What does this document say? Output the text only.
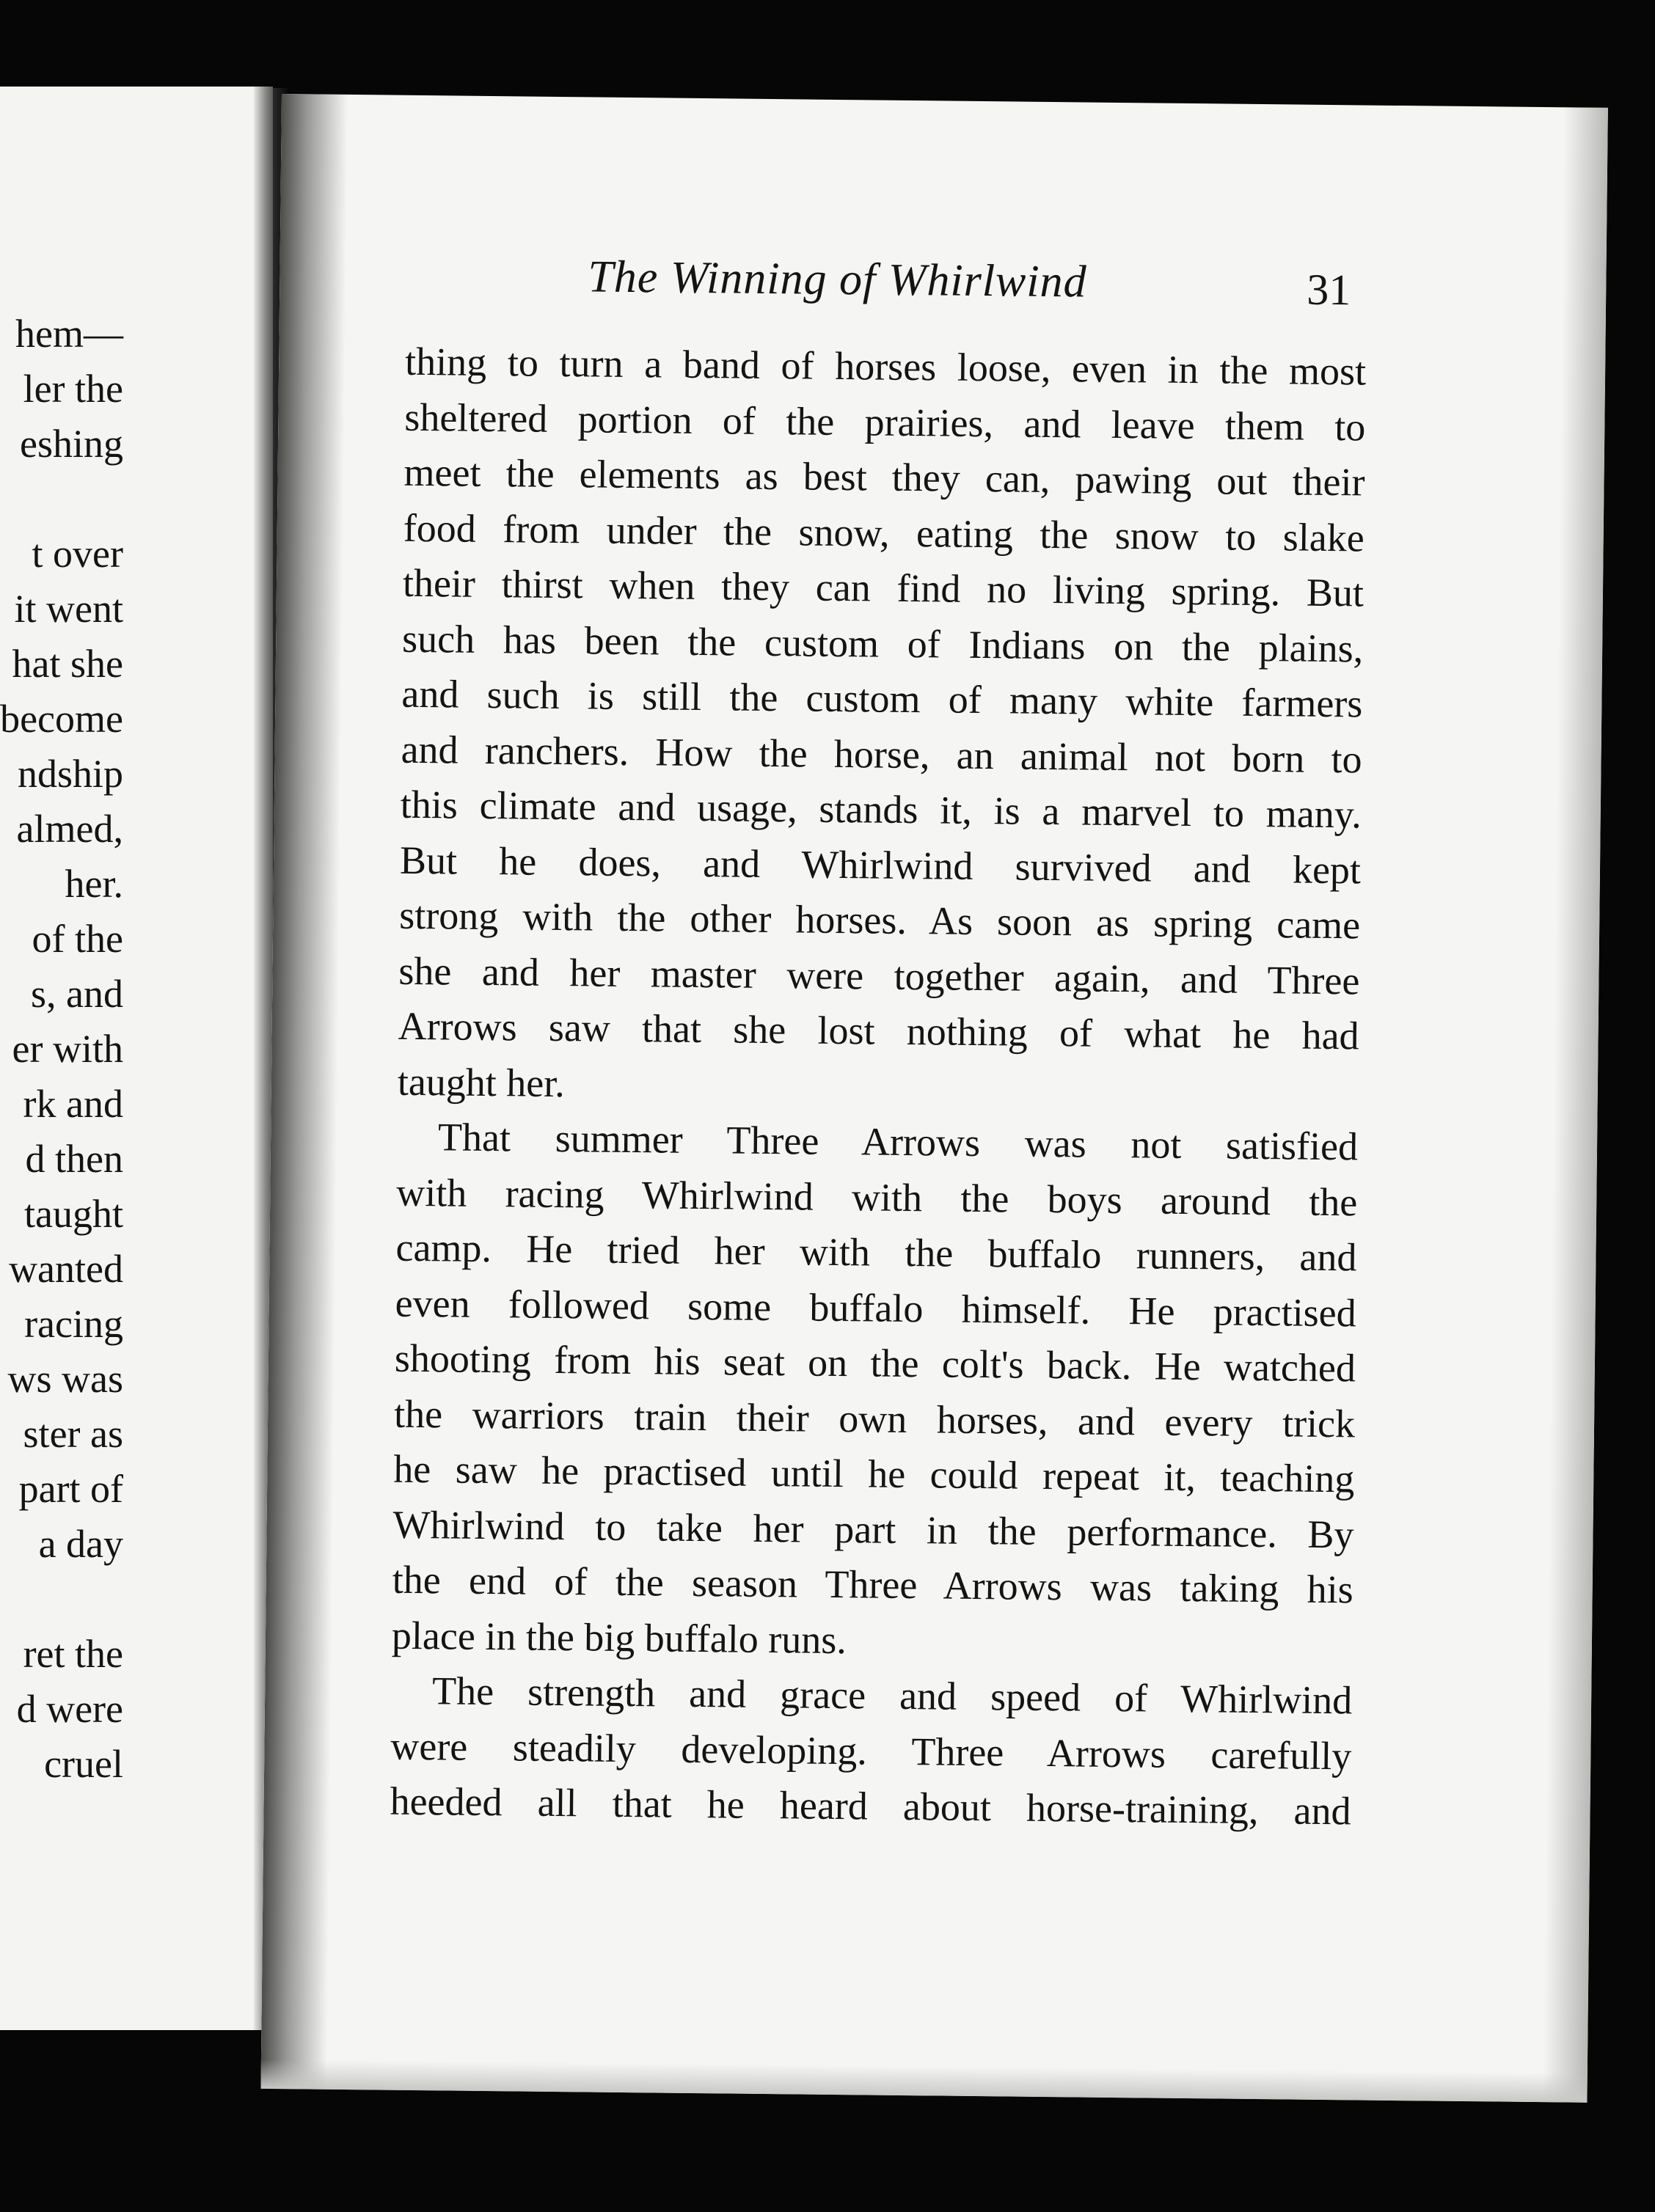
hem—
ler the
eshing
t over
it went
hat she
become
ndship
almed,
her.
of the
s, and
er with
rk and
d then
taught
wanted
racing
ws was
ster as
part of
a day
ret the
d were
cruel
The Winning of Whirlwind	31
thing to turn a band of horses loose, even in the most
sheltered portion of the prairies, and leave them to
meet the elements as best they can, pawing out their
food from under the snow, eating the snow to slake
their thirst when they can find no living spring. But
such has been the custom of Indians on the plains,
and such is still the custom of many white farmers
and ranchers. How the horse, an animal not born to
this climate and usage, stands it, is a marvel to many.
But he does, and Whirlwind survived and kept
strong with the other horses. As soon as spring came
she and her master were together again, and Three
Arrows saw that she lost nothing of what he had
taught her.
That summer Three Arrows was not satisfied
with racing Whirlwind with the boys around the
camp. He tried her with the buffalo runners, and
even followed some buffalo himself. He practised
shooting from his seat on the colt's back. He watched
the warriors train their own horses, and every trick
he saw he practised until he could repeat it, teaching
Whirlwind to take her part in the performance. By
the end of the season Three Arrows was taking his
place in the big buffalo runs.
The strength and grace and speed of Whirlwind
were steadily developing. Three Arrows carefully
heeded all that he heard about horse-training, and
